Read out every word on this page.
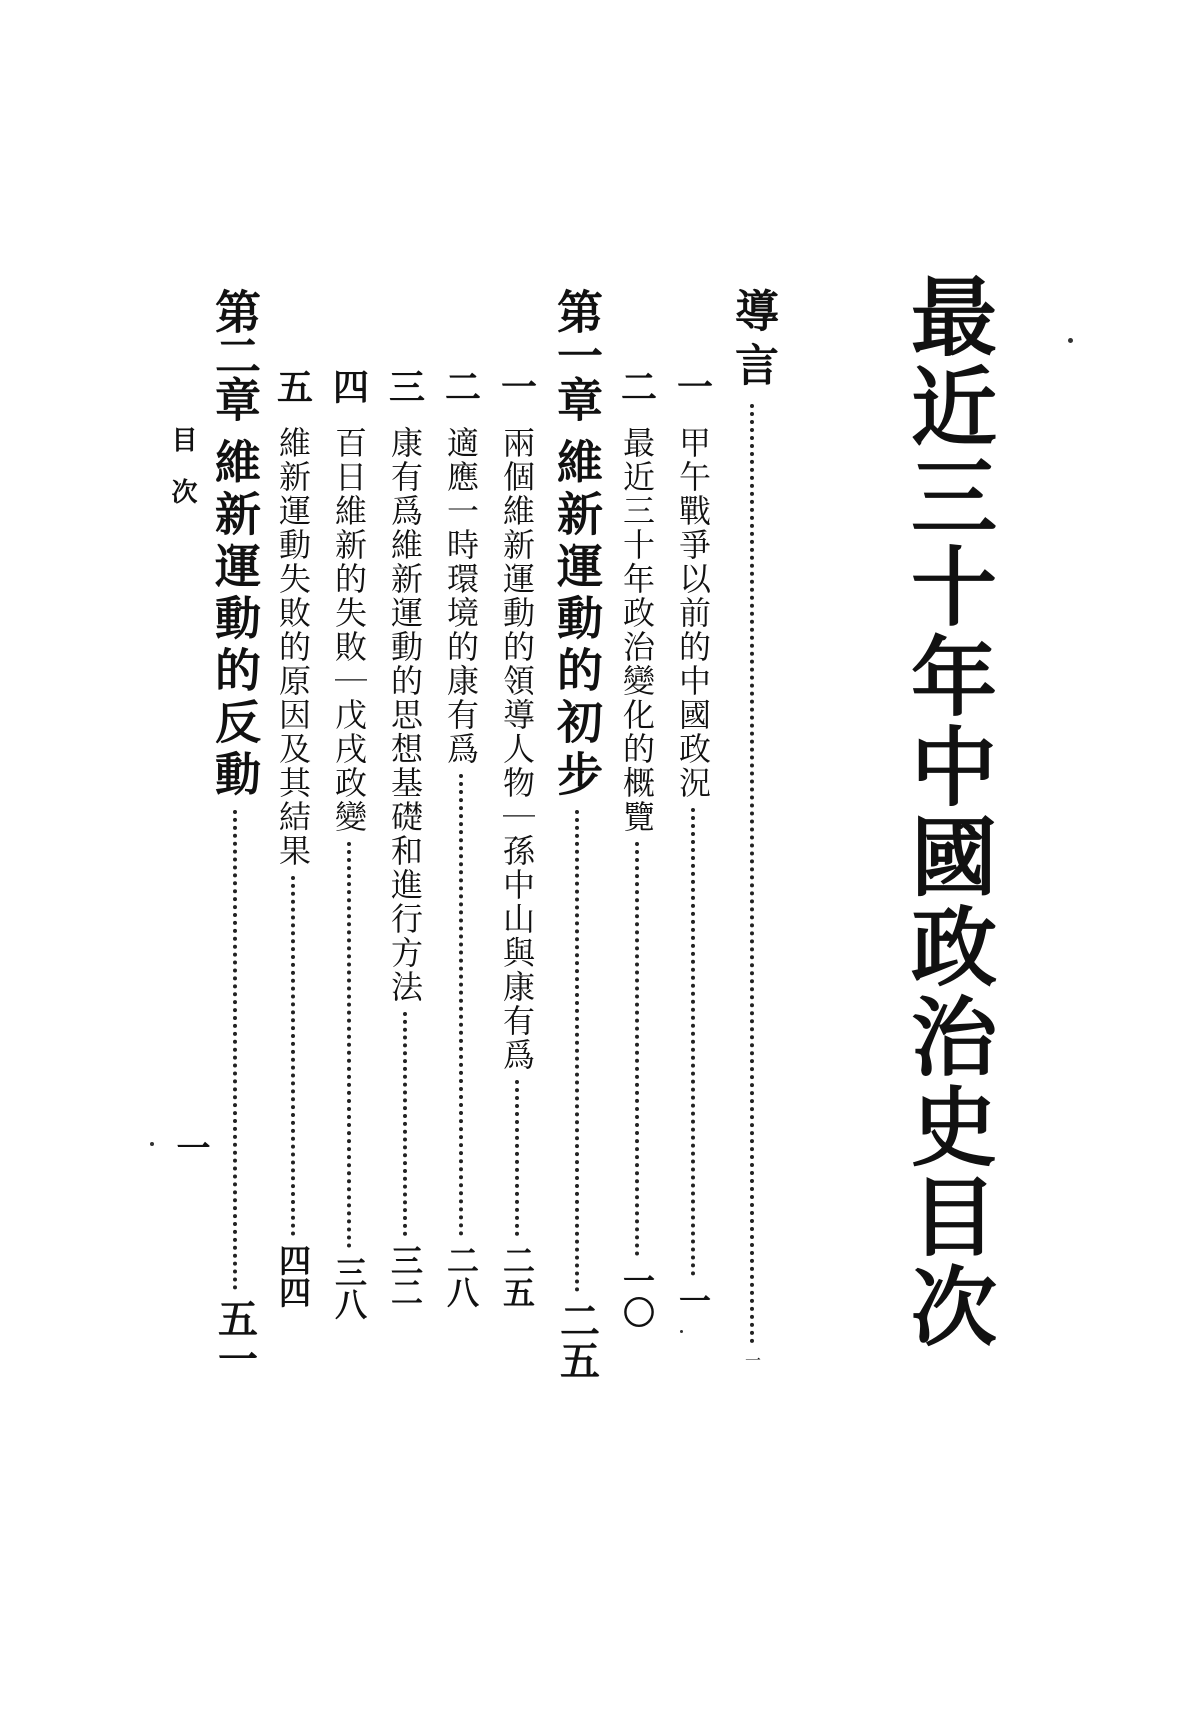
最近三十年中國政治史目次
導言
一
一
甲午戰爭以前的中國政況
一
二
最近三十年政治變化的概覽
一〇
第一章
維新運動的初步
二五
一
兩個維新運動的領導人物｜孫中山與康有爲
二五
二
適應一時環境的康有爲
二八
三
康有爲維新運動的思想基礎和進行方法
三二
四
百日維新的失敗｜戊戌政變
三八
五
維新運動失敗的原因及其結果
四四
第二章
維新運動的反動
五一
目次
一
